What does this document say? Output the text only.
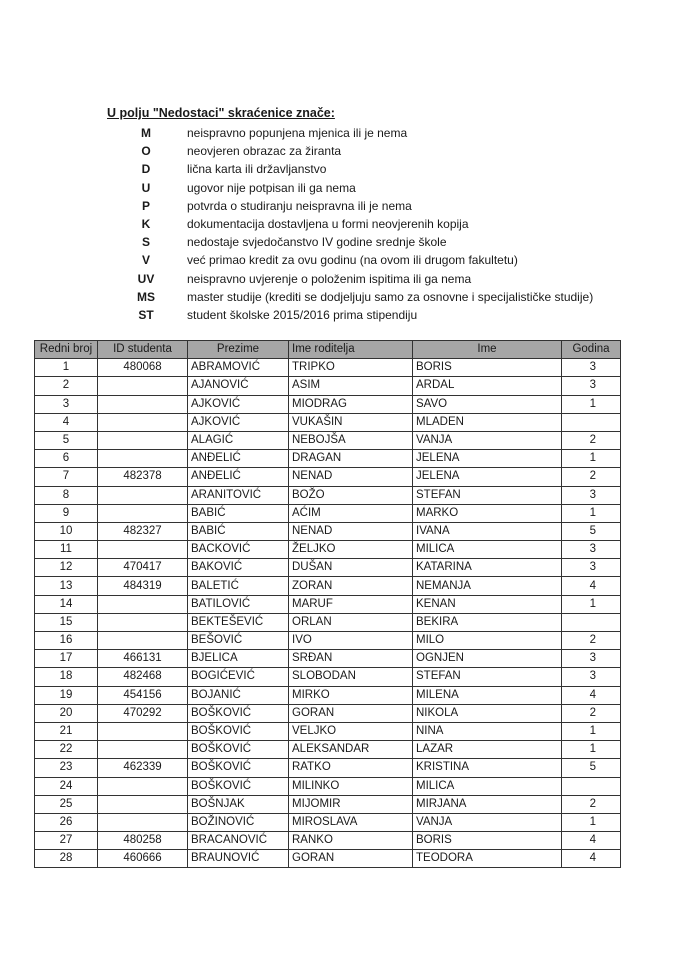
U polju "Nedostaci" skraćenice znače:
M	neispravno popunjena mjenica ili je nema
O	neovjeren obrazac za žiranta
D	lična karta ili državljanstvo
U	ugovor nije potpisan ili ga nema
P	potvrda o studiranju neispravna ili je nema
K	dokumentacija dostavljena u formi neovjerenih kopija
S	nedostaje svjedočanstvo IV godine srednje škole
V	već primao kredit za ovu godinu (na ovom ili drugom fakultetu)
UV	neispravno uvjerenje o položenim ispitima ili ga nema
MS	master studije (krediti se dodjeljuju samo za osnovne i specijalističke studije)
ST	student školske 2015/2016 prima stipendiju
Redni broj	ID studenta	Prezime	Ime roditelja	Ime	Godina
1	480068	ABRAMOVIĆ	TRIPKO	BORIS	3
2		AJANOVIĆ	ASIM	ARDAL	3
3		AJKOVIĆ	MIODRAG	SAVO	1
4		AJKOVIĆ	VUKAŠIN	MLADEN	
5		ALAGIĆ	NEBOJŠA	VANJA	2
6		ANĐELIĆ	DRAGAN	JELENA	1
7	482378	ANĐELIĆ	NENAD	JELENA	2
8		ARANITOVIĆ	BOŽO	STEFAN	3
9		BABIĆ	AĆIM	MARKO	1
10	482327	BABIĆ	NENAD	IVANA	5
11		BACKOVIĆ	ŽELJKO	MILICA	3
12	470417	BAKOVIĆ	DUŠAN	KATARINA	3
13	484319	BALETIĆ	ZORAN	NEMANJA	4
14		BATILOVIĆ	MARUF	KENAN	1
15		BEKTEŠEVIĆ	ORLAN	BEKIRA	
16		BEŠOVIĆ	IVO	MILO	2
17	466131	BJELICA	SRĐAN	OGNJEN	3
18	482468	BOGIĆEVIĆ	SLOBODAN	STEFAN	3
19	454156	BOJANIĆ	MIRKO	MILENA	4
20	470292	BOŠKOVIĆ	GORAN	NIKOLA	2
21		BOŠKOVIĆ	VELJKO	NINA	1
22		BOŠKOVIĆ	ALEKSANDAR	LAZAR	1
23	462339	BOŠKOVIĆ	RATKO	KRISTINA	5
24		BOŠKOVIĆ	MILINKO	MILICA	
25		BOŠNJAK	MIJOMIR	MIRJANA	2
26		BOŽINOVIĆ	MIROSLAVA	VANJA	1
27	480258	BRACANOVIĆ	RANKO	BORIS	4
28	460666	BRAUNOVIĆ	GORAN	TEODORA	4
